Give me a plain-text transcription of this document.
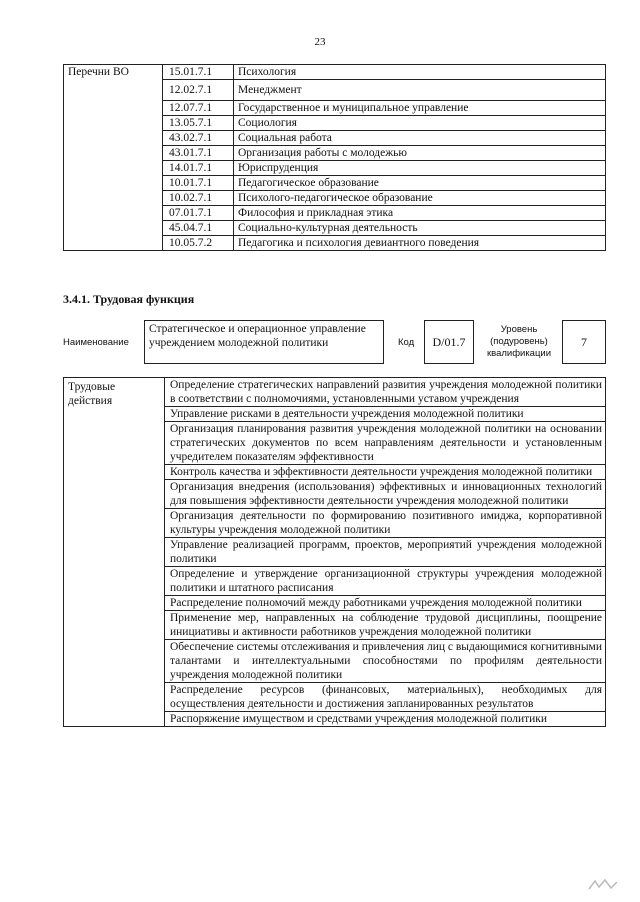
23
Перечни ВО	15.01.7.1	Психология
	12.02.7.1	Менеджмент
	12.07.7.1	Государственное и муниципальное управление
	13.05.7.1	Социология
	43.02.7.1	Социальная работа
	43.01.7.1	Организация работы с молодежью
	14.01.7.1	Юриспруденция
	10.01.7.1	Педагогическое образование
	10.02.7.1	Психолого-педагогическое образование
	07.01.7.1	Философия и прикладная этика
	45.04.7.1	Социально-культурная деятельность
	10.05.7.2	Педагогика и психология девиантного поведения
3.4.1. Трудовая функция
Наименование
Стратегическое и операционное управление учреждением молодежной политики	Код	D/01.7
Уровень (подуровень) квалификации
7
Трудовые действия	Определение стратегических направлений развития учреждения молодежной политики в соответствии с полномочиями, установленными уставом учреждения
Управление рисками в деятельности учреждения молодежной политики
Организация планирования развития учреждения молодежной политики на основании стратегических документов по всем направлениям деятельности и установленным учредителем показателям эффективности
Контроль качества и эффективности деятельности учреждения молодежной политики
Организация внедрения (использования) эффективных и инновационных технологий для повышения эффективности деятельности учреждения молодежной политики
Организация деятельности по формированию позитивного имиджа, корпоративной культуры учреждения молодежной политики
Управление реализацией программ, проектов, мероприятий учреждения молодежной политики
Определение и утверждение организационной структуры учреждения молодежной политики и штатного расписания
Распределение полномочий между работниками учреждения молодежной политики
Применение мер, направленных на соблюдение трудовой дисциплины, поощрение инициативы и активности работников учреждения молодежной политики
Обеспечение системы отслеживания и привлечения лиц с выдающимися когнитивными талантами и интеллектуальными способностями по профилям деятельности учреждения молодежной политики
Распределение ресурсов (финансовых, материальных), необходимых для осуществления деятельности и достижения запланированных результатов
Распоряжение имуществом и средствами учреждения молодежной политики
